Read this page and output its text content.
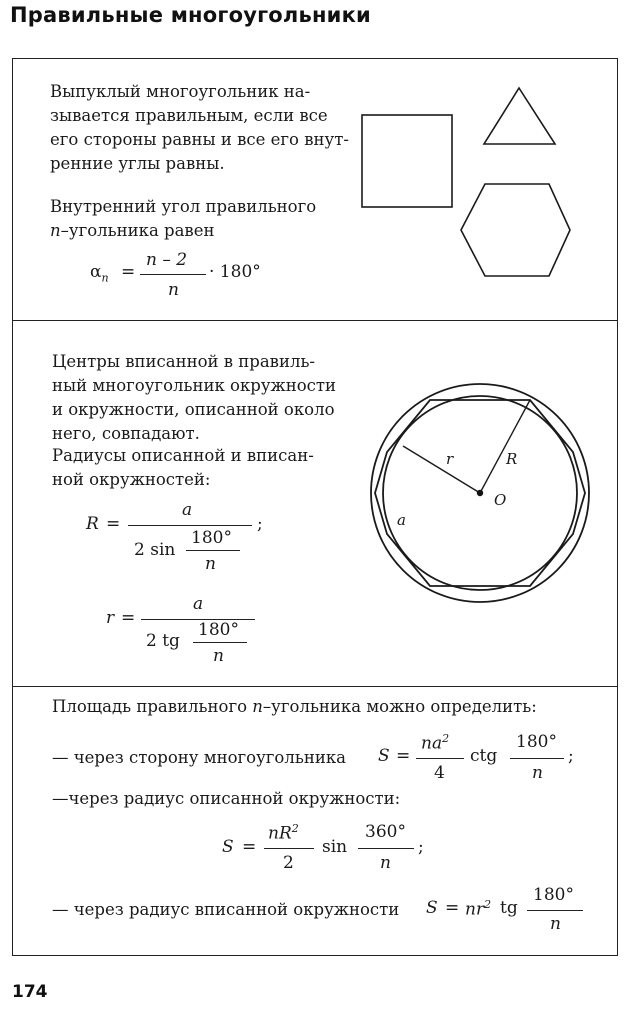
Правильные многоугольники
Выпуклый многоугольник на-
зывается правильным, если все
его стороны равны и все его внут-
ренние углы равны.
Внутренний угол правильного
n–угольника равен
$\alpha_n$ =
n – 2
n
· 180°
Центры вписанной в правиль-
ный многоугольник окружности
и окружности, описанной около
него, совпадают.
Радиусы описанной и вписан-
ной окружностей:
R =
a
2 sin
180°
n
;
r =
a
2 tg
180°
n
r	R
O
a
Площадь правильного n–угольника можно определить:
— через сторону многоугольника S =
$na^2$
4
ctg
180°
n
;
—через радиус описанной окружности:
S =
$nR^2$
2
sin
360°
n
;
— через радиус вписанной окружности $S = nr^2$ tg
180°
n
174
